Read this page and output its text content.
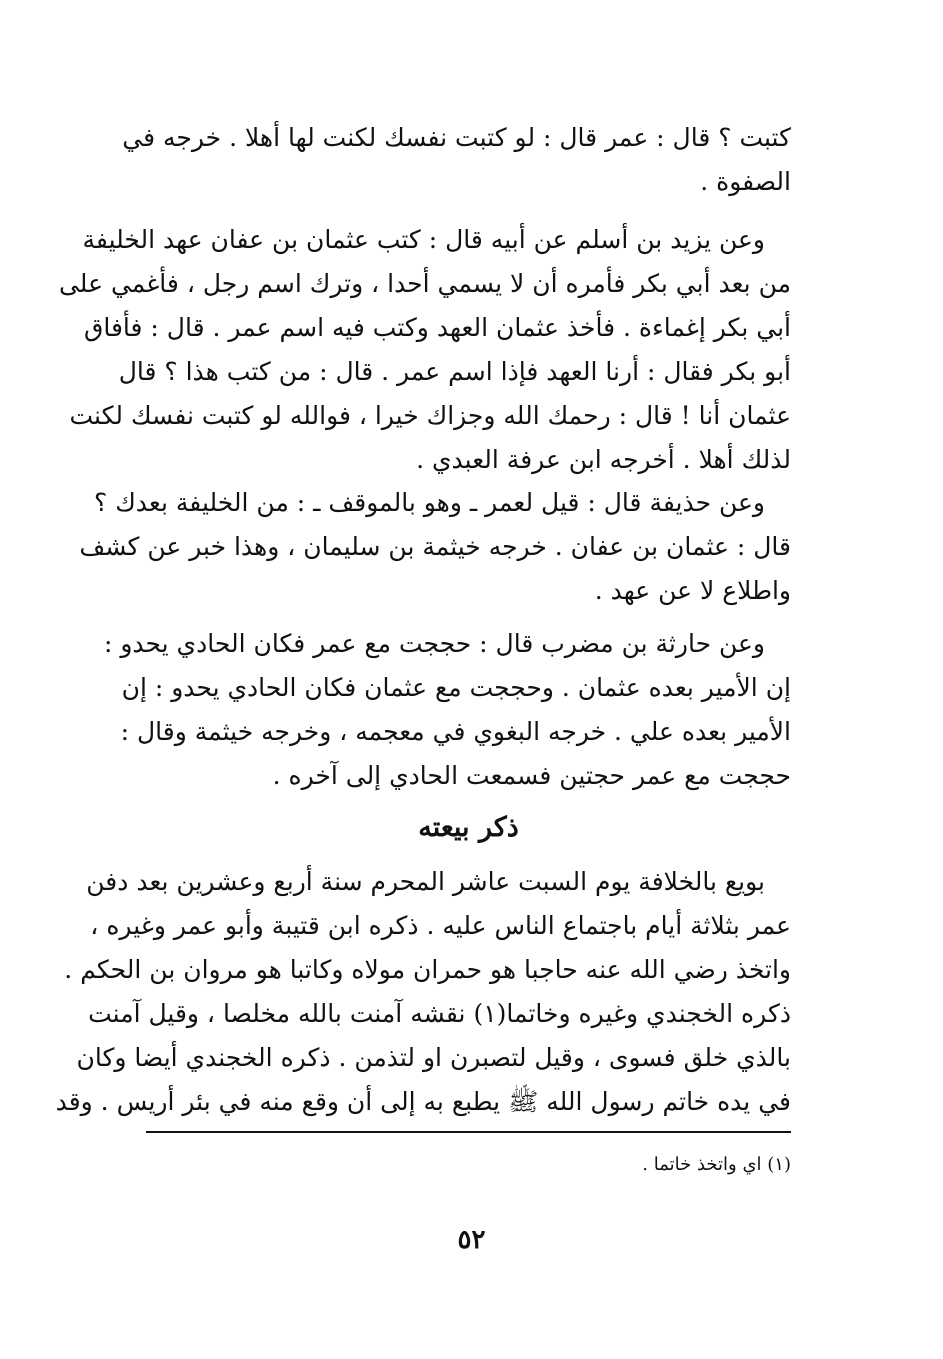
كتبت ؟ قال : عمر قال : لو كتبت نفسك لكنت لها أهلا . خرجه في
الصفوة .
وعن يزيد بن أسلم عن أبيه قال : كتب عثمان بن عفان عهد الخليفة
من بعد أبي بكر فأمره أن لا يسمي أحدا ، وترك اسم رجل ، فأغمي على
أبي بكر إغماءة . فأخذ عثمان العهد وكتب فيه اسم عمر . قال : فأفاق
أبو بكر فقال : أرنا العهد فإذا اسم عمر . قال : من كتب هذا ؟ قال
عثمان أنا ! قال : رحمك الله وجزاك خيرا ، فوالله لو كتبت نفسك لكنت
لذلك أهلا . أخرجه ابن عرفة العبدي .
وعن حذيفة قال : قيل لعمر ـ وهو بالموقف ـ : من الخليفة بعدك ؟
قال : عثمان بن عفان . خرجه خيثمة بن سليمان ، وهذا خبر عن كشف
واطلاع لا عن عهد .
وعن حارثة بن مضرب قال : حججت مع عمر فكان الحادي يحدو :
إن الأمير بعده عثمان . وحججت مع عثمان فكان الحادي يحدو : إن
الأمير بعده علي . خرجه البغوي في معجمه ، وخرجه خيثمة وقال :
حججت مع عمر حجتين فسمعت الحادي إلى آخره .
ذكر بيعته
بويع بالخلافة يوم السبت عاشر المحرم سنة أربع وعشرين بعد دفن
عمر بثلاثة أيام باجتماع الناس عليه . ذكره ابن قتيبة وأبو عمر وغيره ،
واتخذ رضي الله عنه حاجبا هو حمران مولاه وكاتبا هو مروان بن الحكم .
ذكره الخجندي وغيره وخاتما(١) نقشه آمنت بالله مخلصا ، وقيل آمنت
بالذي خلق فسوى ، وقيل لتصبرن او لتذمن . ذكره الخجندي أيضا وكان
في يده خاتم رسول الله ﷺ يطبع به إلى أن وقع منه في بئر أريس . وقد
(١) اي واتخذ خاتما .
٥٢
